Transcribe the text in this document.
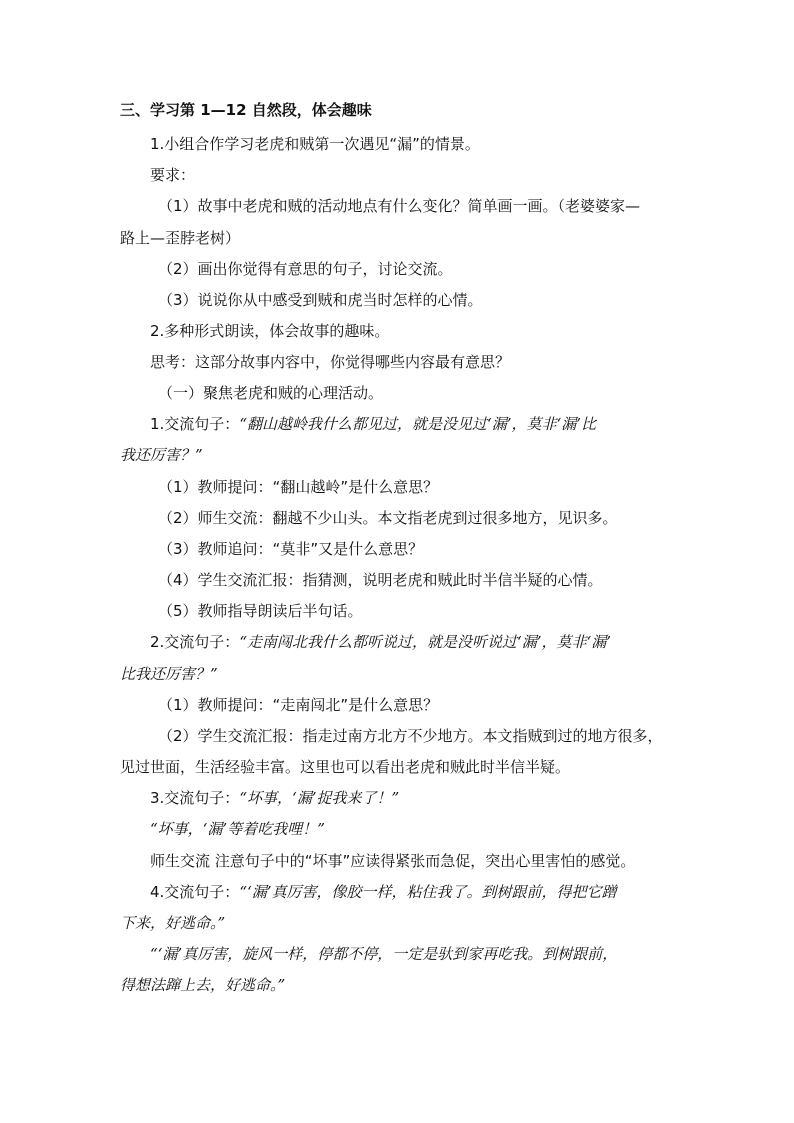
三、学习第 1—12 自然段，体会趣味
1.小组合作学习老虎和贼第一次遇见“漏”的情景。
要求：
（1）故事中老虎和贼的活动地点有什么变化？简单画一画。（老婆婆家—
路上—歪脖老树）
（2）画出你觉得有意思的句子，讨论交流。
（3）说说你从中感受到贼和虎当时怎样的心情。
2.多种形式朗读，体会故事的趣味。
思考：这部分故事内容中，你觉得哪些内容最有意思？
（一）聚焦老虎和贼的心理活动。
1.交流句子：“翻山越岭我什么都见过，就是没见过‘漏’，莫非‘漏’比
我还厉害？”
（1）教师提问：“翻山越岭”是什么意思？
（2）师生交流：翻越不少山头。本文指老虎到过很多地方，见识多。
（3）教师追问：“莫非”又是什么意思？
（4）学生交流汇报：指猜测，说明老虎和贼此时半信半疑的心情。
（5）教师指导朗读后半句话。
2.交流句子：“走南闯北我什么都听说过，就是没听说过‘漏’，莫非‘漏’
比我还厉害？”
（1）教师提问：“走南闯北”是什么意思？
（2）学生交流汇报：指走过南方北方不少地方。本文指贼到过的地方很多，
见过世面，生活经验丰富。这里也可以看出老虎和贼此时半信半疑。
3.交流句子：“坏事，‘漏’捉我来了！”
“坏事，‘漏’等着吃我哩！”
师生交流 注意句子中的“坏事”应读得紧张而急促，突出心里害怕的感觉。
4.交流句子：“‘漏’真厉害，像胶一样，粘住我了。到树跟前，得把它蹭
下来，好逃命。”
“‘漏’真厉害，旋风一样，停都不停，一定是驮到家再吃我。到树跟前，
得想法蹿上去，好逃命。”
